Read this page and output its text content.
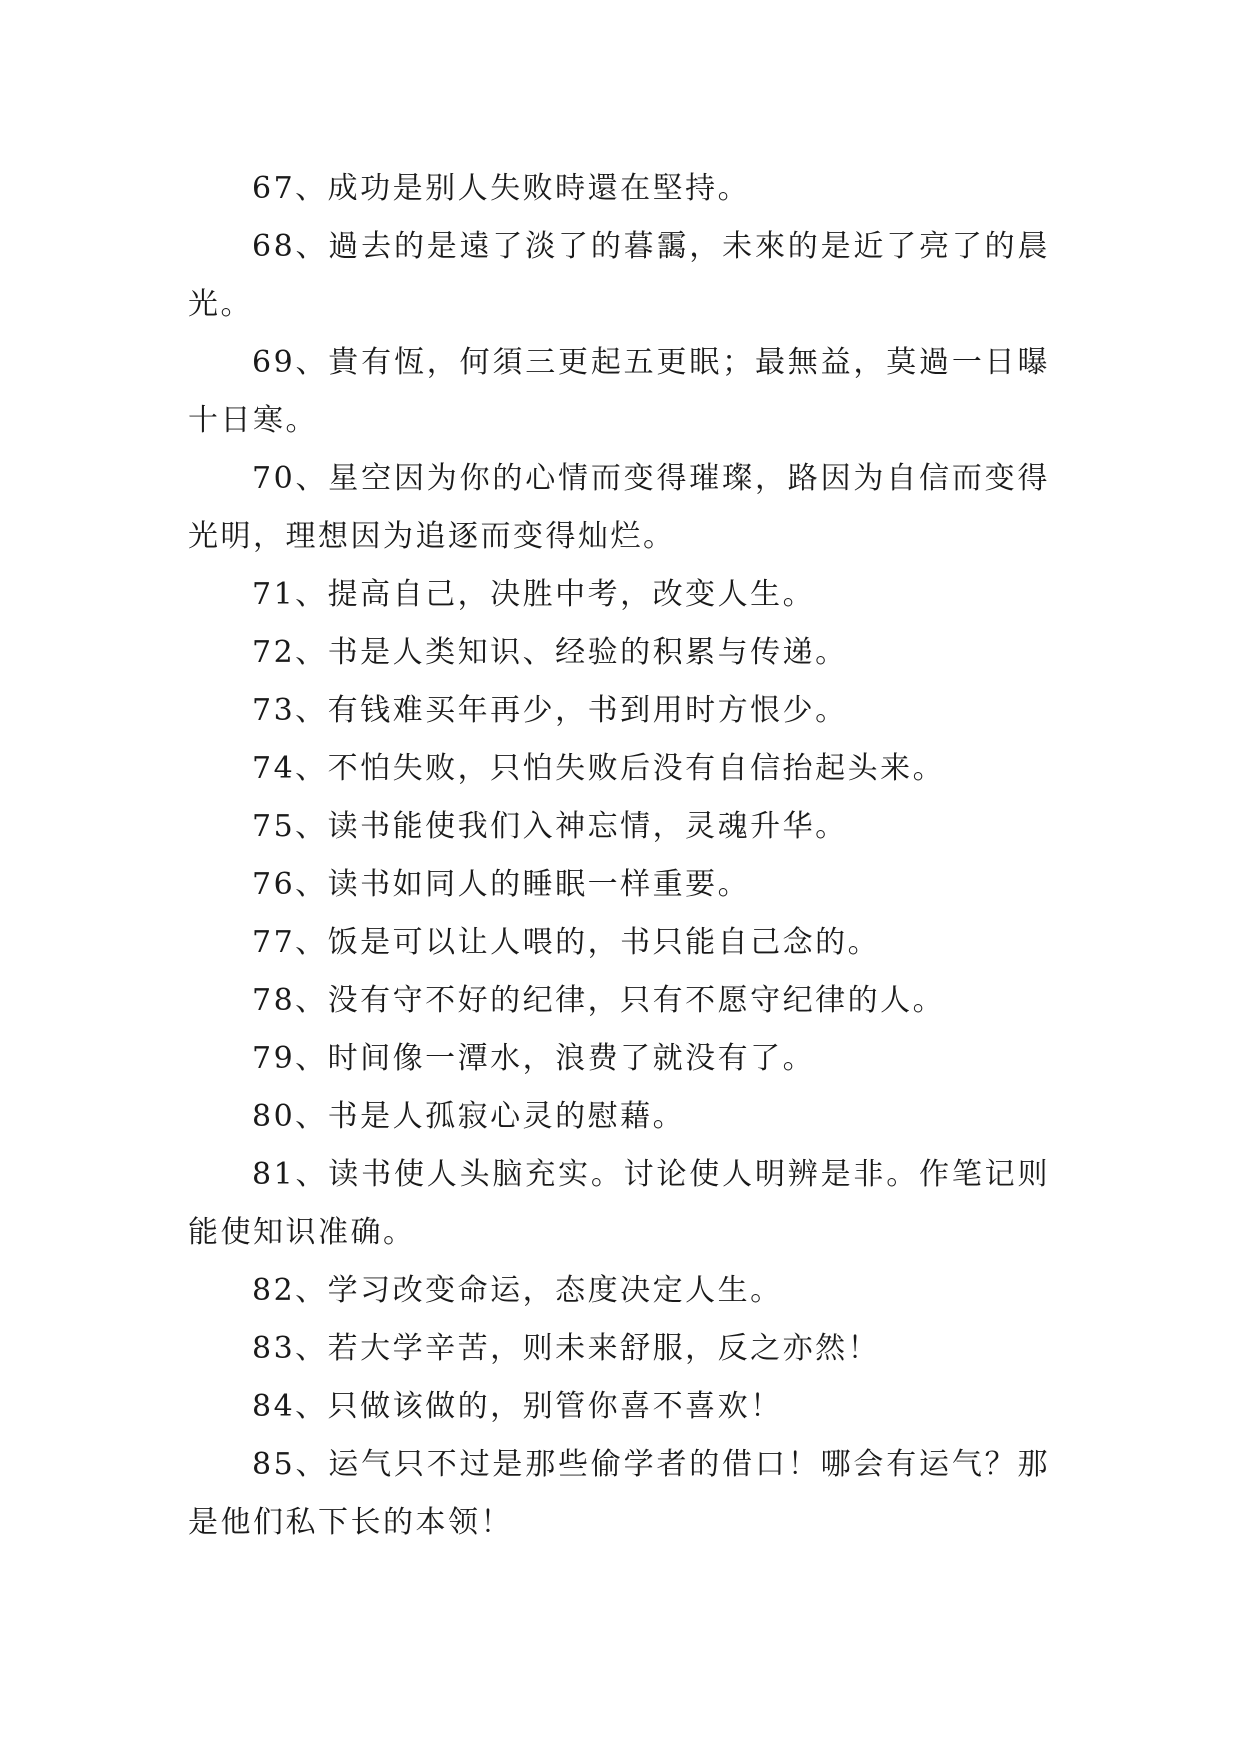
67、成功是别人失败時還在堅持。

68、過去的是遠了淡了的暮靄，未來的是近了亮了的晨光。

69、貴有恆，何須三更起五更眠；最無益，莫過一日曝十日寒。

70、星空因为你的心情而变得璀璨，路因为自信而变得光明，理想因为追逐而变得灿烂。

71、提高自己，决胜中考，改变人生。

72、书是人类知识、经验的积累与传递。

73、有钱难买年再少，书到用时方恨少。

74、不怕失败，只怕失败后没有自信抬起头来。

75、读书能使我们入神忘情，灵魂升华。

76、读书如同人的睡眠一样重要。

77、饭是可以让人喂的，书只能自己念的。

78、没有守不好的纪律，只有不愿守纪律的人。

79、时间像一潭水，浪费了就没有了。

80、书是人孤寂心灵的慰藉。

81、读书使人头脑充实。讨论使人明辨是非。作笔记则能使知识准确。

82、学习改变命运，态度决定人生。

83、若大学辛苦，则未来舒服，反之亦然！

84、只做该做的，别管你喜不喜欢！

85、运气只不过是那些偷学者的借口！哪会有运气？那是他们私下长的本领！
